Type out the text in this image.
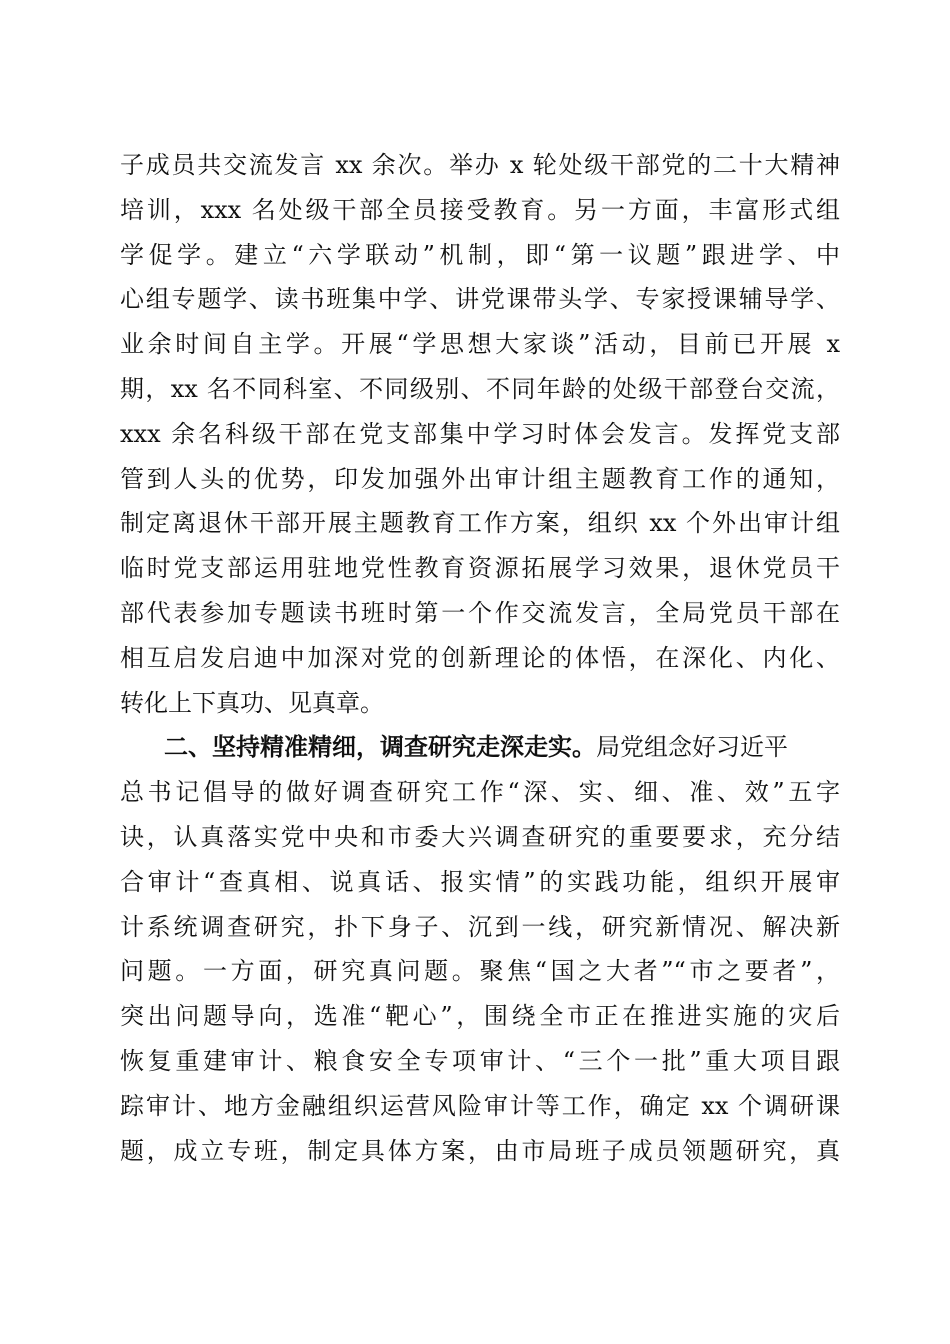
子成员共交流发言 xx 余次。举办 x 轮处级干部党的二十大精神
培训，xxx 名处级干部全员接受教育。另一方面，丰富形式组
学促学。建立“六学联动”机制，即“第一议题”跟进学、中
心组专题学、读书班集中学、讲党课带头学、专家授课辅导学、
业余时间自主学。开展“学思想大家谈”活动，目前已开展 x
期，xx 名不同科室、不同级别、不同年龄的处级干部登台交流，
xxx 余名科级干部在党支部集中学习时体会发言。发挥党支部
管到人头的优势，印发加强外出审计组主题教育工作的通知，
制定离退休干部开展主题教育工作方案，组织 xx 个外出审计组
临时党支部运用驻地党性教育资源拓展学习效果，退休党员干
部代表参加专题读书班时第一个作交流发言，全局党员干部在
相互启发启迪中加深对党的创新理论的体悟，在深化、内化、
转化上下真功、见真章。
二、坚持精准精细，调查研究走深走实。局党组念好习近平
总书记倡导的做好调查研究工作“深、实、细、准、效”五字
诀，认真落实党中央和市委大兴调查研究的重要要求，充分结
合审计“查真相、说真话、报实情”的实践功能，组织开展审
计系统调查研究，扑下身子、沉到一线，研究新情况、解决新
问题。一方面，研究真问题。聚焦“国之大者”“市之要者”，
突出问题导向，选准“靶心”，围绕全市正在推进实施的灾后
恢复重建审计、粮食安全专项审计、“三个一批”重大项目跟
踪审计、地方金融组织运营风险审计等工作，确定 xx 个调研课
题，成立专班，制定具体方案，由市局班子成员领题研究，真
